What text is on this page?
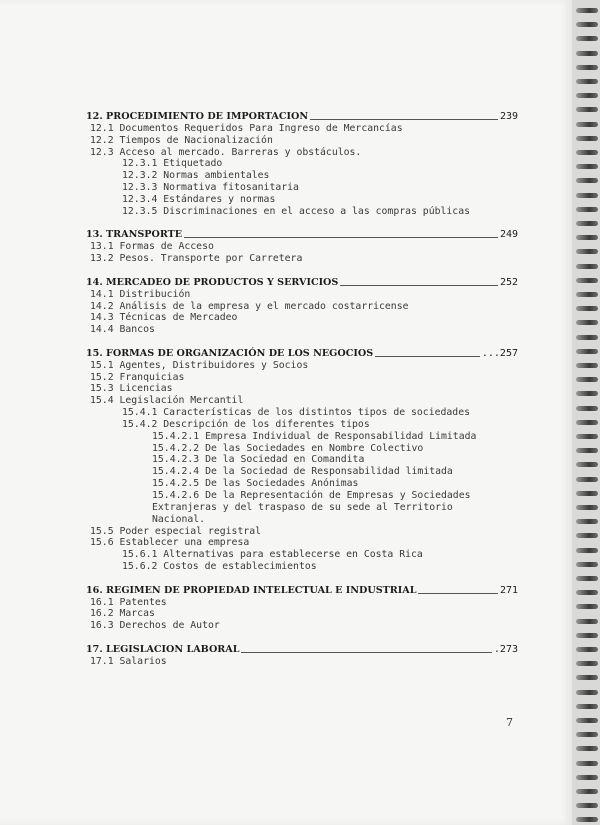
12. PROCEDIMIENTO DE IMPORTACION	239
12.1 Documentos Requeridos Para Ingreso de Mercancías
12.2 Tiempos de Nacionalización
12.3 Acceso al mercado. Barreras y obstáculos.
12.3.1 Etiquetado
12.3.2 Normas ambientales
12.3.3 Normativa fitosanitaria
12.3.4 Estándares y normas
12.3.5 Discriminaciones en el acceso a las compras públicas
13. TRANSPORTE	249
13.1 Formas de Acceso
13.2 Pesos. Transporte por Carretera
14. MERCADEO DE PRODUCTOS Y SERVICIOS	252
14.1 Distribución
14.2 Análisis de la empresa y el mercado costarricense
14.3 Técnicas de Mercadeo
14.4 Bancos
15. FORMAS DE ORGANIZACIÓN DE LOS NEGOCIOS	...257
15.1 Agentes, Distribuidores y Socios
15.2 Franquicias
15.3 Licencias
15.4 Legislación Mercantil
15.4.1 Características de los distintos tipos de sociedades
15.4.2 Descripción de los diferentes tipos
15.4.2.1 Empresa Individual de Responsabilidad Limitada
15.4.2.2 De las Sociedades en Nombre Colectivo
15.4.2.3 De la Sociedad en Comandita
15.4.2.4 De la Sociedad de Responsabilidad limitada
15.4.2.5 De las Sociedades Anónimas
15.4.2.6 De la Representación de Empresas y Sociedades
Extranjeras y del traspaso de su sede al Territorio
Nacional.
15.5 Poder especial registral
15.6 Establecer una empresa
15.6.1 Alternativas para establecerse en Costa Rica
15.6.2 Costos de establecimientos
16. REGIMEN DE PROPIEDAD INTELECTUAL E INDUSTRIAL	271
16.1 Patentes
16.2 Marcas
16.3 Derechos de Autor
17. LEGISLACION LABORAL	.273
17.1 Salarios
7
